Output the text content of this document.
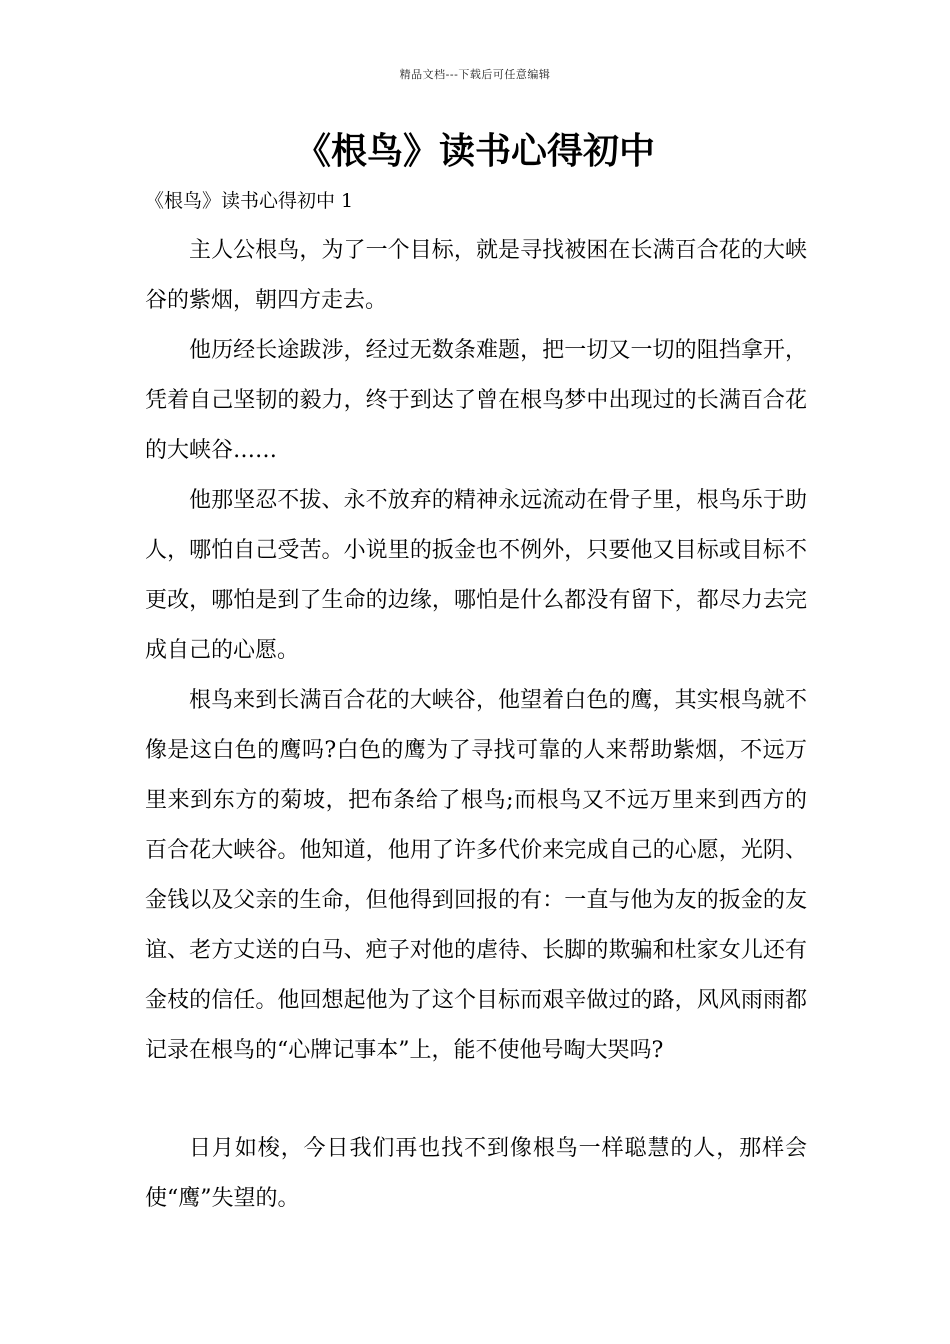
精品文档---下载后可任意编辑
《根鸟》读书心得初中
《根鸟》读书心得初中 1

主人公根鸟，为了一个目标，就是寻找被困在长满百合花的大峡谷的紫烟，朝四方走去。

他历经长途跋涉，经过无数条难题，把一切又一切的阻挡拿开，凭着自己坚韧的毅力，终于到达了曾在根鸟梦中出现过的长满百合花的大峡谷……

他那坚忍不拔、永不放弃的精神永远流动在骨子里，根鸟乐于助人，哪怕自己受苦。小说里的扳金也不例外，只要他又目标或目标不更改，哪怕是到了生命的边缘，哪怕是什么都没有留下，都尽力去完成自己的心愿。

根鸟来到长满百合花的大峡谷，他望着白色的鹰，其实根鸟就不像是这白色的鹰吗?白色的鹰为了寻找可靠的人来帮助紫烟，不远万里来到东方的菊坡，把布条给了根鸟;而根鸟又不远万里来到西方的百合花大峡谷。他知道，他用了许多代价来完成自己的心愿，光阴、金钱以及父亲的生命，但他得到回报的有：一直与他为友的扳金的友谊、老方丈送的白马、疤子对他的虐待、长脚的欺骗和杜家女儿还有金枝的信任。他回想起他为了这个目标而艰辛做过的路，风风雨雨都记录在根鸟的“心牌记事本”上，能不使他号啕大哭吗?

日月如梭，今日我们再也找不到像根鸟一样聪慧的人，那样会使“鹰”失望的。
